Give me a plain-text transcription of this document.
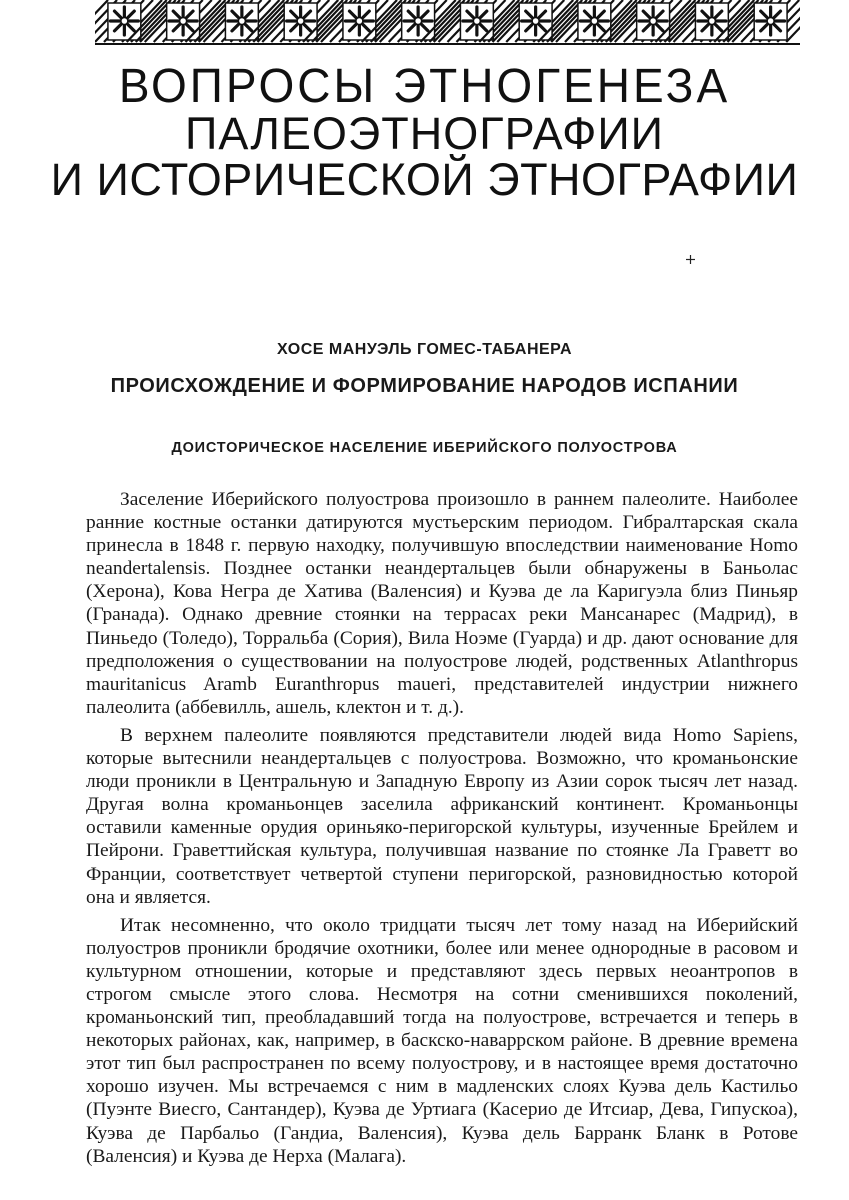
ВОПРОСЫ ЭТНОГЕНЕЗА
ПАЛЕОЭТНОГРАФИИ
И ИСТОРИЧЕСКОЙ ЭТНОГРАФИИ
ХОСЕ МАНУЭЛЬ ГОМЕС-ТАБАНЕРА
ПРОИСХОЖДЕНИЕ И ФОРМИРОВАНИЕ НАРОДОВ ИСПАНИИ
ДОИСТОРИЧЕСКОЕ НАСЕЛЕНИЕ ИБЕРИЙСКОГО ПОЛУОСТРОВА

Заселение Иберийского полуострова произошло в раннем палеолите. Наиболее ранние костные останки датируются мустьерским периодом. Гибралтарская скала принесла в 1848 г. первую находку, получившую впоследствии наименование Homo neandertalensis. Позднее останки неандертальцев были обнаружены в Баньолас (Херона), Кова Негра де Хатива (Валенсия) и Куэва де ла Каригуэла близ Пиньяр (Гранада). Однако древние стоянки на террасах реки Мансанарес (Мадрид), в Пиньедо (Толедо), Торральба (Сория), Вила Ноэме (Гуарда) и др. дают основание для предположения о существовании на полуострове людей, родственных Atlanthropus mauritanicus Aramb Euranthropus maueri, представителей индустрии нижнего палеолита (аббевилль, ашель, клектон и т. д.).

В верхнем палеолите появляются представители людей вида Homo Sapiens, которые вытеснили неандертальцев с полуострова. Возможно, что кроманьонские люди проникли в Центральную и Западную Европу из Азии сорок тысяч лет назад. Другая волна кроманьонцев заселила африканский континент. Кроманьонцы оставили каменные орудия ориньяко-перигорской культуры, изученные Брейлем и Пейрони. Граветтийская культура, получившая название по стоянке Ла Граветт во Франции, соответствует четвертой ступени перигорской, разновидностью которой она и является.

Итак несомненно, что около тридцати тысяч лет тому назад на Иберийский полуостров проникли бродячие охотники, более или менее однородные в расовом и культурном отношении, которые и представляют здесь первых неоантропов в строгом смысле этого слова. Несмотря на сотни сменившихся поколений, кроманьонский тип, преобладавший тогда на полуострове, встречается и теперь в некоторых районах, как, например, в баскско-наваррском районе. В древние времена этот тип был распространен по всему полуострову, и в настоящее время достаточно хорошо изучен. Мы встречаемся с ним в мадленских слоях Куэва дель Кастильо (Пуэнте Виесго, Сантандер), Куэва де Уртиага (Касерио де Итсиар, Дева, Гипускоа), Куэва де Парбальо (Гандиа, Валенсия), Куэва дель Барранк Бланк в Ротове (Валенсия) и Куэва де Нерха (Малага).
